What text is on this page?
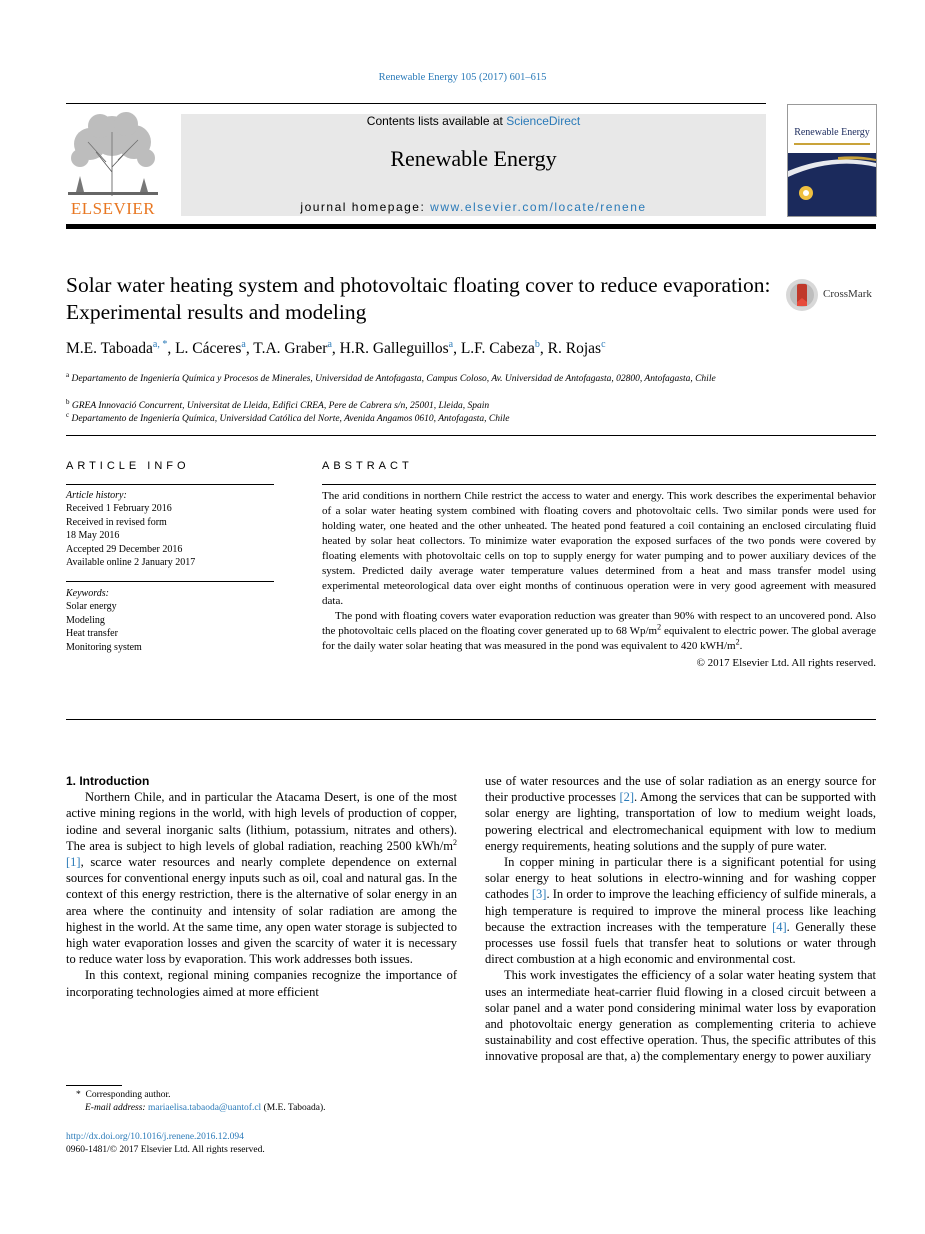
Renewable Energy 105 (2017) 601–615
ELSEVIER
Contents lists available at ScienceDirect
Renewable Energy
journal homepage: www.elsevier.com/locate/renene
Renewable Energy
Solar water heating system and photovoltaic floating cover to reduce evaporation: Experimental results and modeling
CrossMark
M.E. Taboada$^{a, *}$, L. Cáceres$^a$, T.A. Graber$^a$, H.R. Galleguillos$^a$, L.F. Cabeza$^b$, R. Rojas$^c$
$^a$ Departamento de Ingeniería Química y Procesos de Minerales, Universidad de Antofagasta, Campus Coloso, Av. Universidad de Antofagasta, 02800, Antofagasta, Chile
$^b$ GREA Innovació Concurrent, Universitat de Lleida, Edifici CREA, Pere de Cabrera s/n, 25001, Lleida, Spain
$^c$ Departamento de Ingeniería Química, Universidad Católica del Norte, Avenida Angamos 0610, Antofagasta, Chile
ARTICLE INFO
Article history:
Received 1 February 2016
Received in revised form
18 May 2016
Accepted 29 December 2016
Available online 2 January 2017
Keywords:
Solar energy
Modeling
Heat transfer
Monitoring system
ABSTRACT

The arid conditions in northern Chile restrict the access to water and energy. This work describes the experimental behavior of a solar water heating system combined with floating covers and photovoltaic cells. Two similar ponds were used for holding water, one heated and the other unheated. The heated pond featured a coil containing an enclosed circulating fluid heated by solar heat collectors. To minimize water evaporation the exposed surfaces of the two ponds were covered by floating elements with photovoltaic cells on top to supply energy for water pumping and to power auxiliary devices of the system. Predicted daily average water temperature values determined from a heat and mass transfer model using experimental meteorological data over eight months of continuous operation were in very good agreement with measured data.

The pond with floating covers water evaporation reduction was greater than 90% with respect to an uncovered pond. Also the photovoltaic cells placed on the floating cover generated up to 68 $Wp/m^2$ equivalent to electric power. The global average for the daily water solar heating that was measured in the pond was equivalent to 420 kWH/$m^2$.

© 2017 Elsevier Ltd. All rights reserved.

1. Introduction

Northern Chile, and in particular the Atacama Desert, is one of the most active mining regions in the world, with high levels of production of copper, iodine and several inorganic salts (lithium, potassium, nitrates and others). The area is subject to high levels of global radiation, reaching 2500 kWh/$m^2$ [1], scarce water resources and nearly complete dependence on external sources for conventional energy inputs such as oil, coal and natural gas. In the context of this energy restriction, there is the alternative of solar energy in an area where the continuity and intensity of solar radiation are among the highest in the world. At the same time, any open water storage is subjected to high water evaporation losses and given the scarcity of water it is necessary to reduce water loss by evaporation. This work addresses both issues.

In this context, regional mining companies recognize the importance of incorporating technologies aimed at more efficient

use of water resources and the use of solar radiation as an energy source for their productive processes [2]. Among the services that can be supported with solar energy are lighting, transportation of low to medium weight loads, powering electrical and electromechanical equipment with low to medium energy requirements, heating solutions and the supply of pure water.

In copper mining in particular there is a significant potential for using solar energy to heat solutions in electro-winning and for washing copper cathodes [3]. In order to improve the leaching efficiency of sulfide minerals, a high temperature is required to improve the mineral process like leaching because the extraction increases with the temperature [4]. Generally these processes use fossil fuels that transfer heat to solutions or water through direct combustion at a high economic and environmental cost.

This work investigates the efficiency of a solar water heating system that uses an intermediate heat-carrier fluid flowing in a closed circuit between a solar panel and a water pond considering minimal water loss by evaporation and photovoltaic energy generation as complementing criteria to achieve sustainability and cost effective operation. Thus, the specific attributes of this innovative proposal are that, a) the complementary energy to power auxiliary

* Corresponding author.
E-mail address: mariaelisa.tabaoda@uantof.cl (M.E. Taboada).
http://dx.doi.org/10.1016/j.renene.2016.12.094
0960-1481/© 2017 Elsevier Ltd. All rights reserved.
